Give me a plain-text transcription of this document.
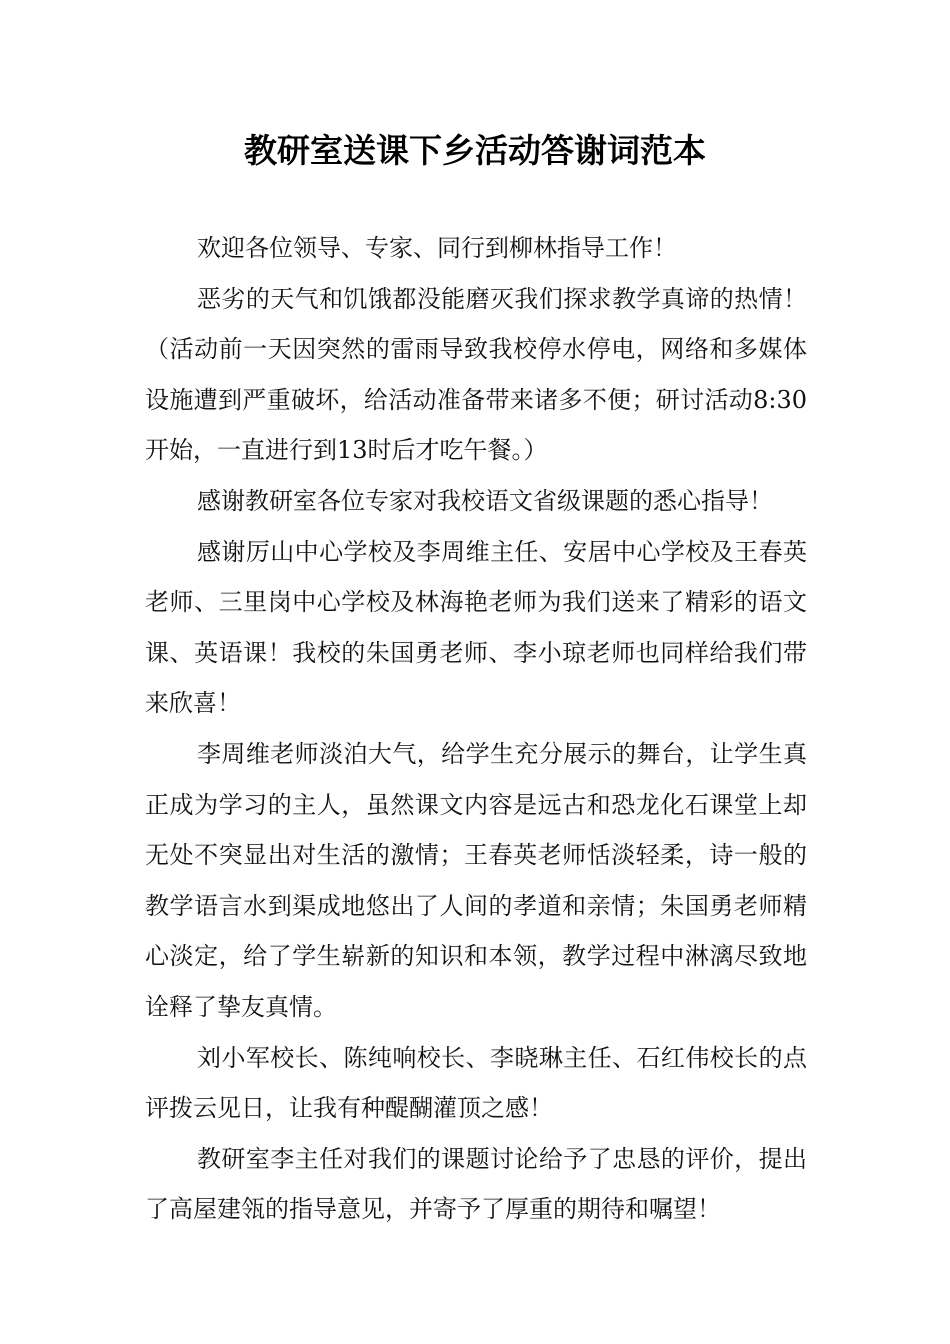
教研室送课下乡活动答谢词范本

欢迎各位领导、专家、同行到柳林指导工作！

恶劣的天气和饥饿都没能磨灭我们探求教学真谛的热情！（活动前一天因突然的雷雨导致我校停水停电，网络和多媒体设施遭到严重破坏，给活动准备带来诸多不便；研讨活动8:30开始，一直进行到13时后才吃午餐。）

感谢教研室各位专家对我校语文省级课题的悉心指导！

感谢厉山中心学校及李周维主任、安居中心学校及王春英老师、三里岗中心学校及林海艳老师为我们送来了精彩的语文课、英语课！我校的朱国勇老师、李小琼老师也同样给我们带来欣喜！

李周维老师淡泊大气，给学生充分展示的舞台，让学生真正成为学习的主人，虽然课文内容是远古和恐龙化石课堂上却无处不突显出对生活的激情；王春英老师恬淡轻柔，诗一般的教学语言水到渠成地悠出了人间的孝道和亲情；朱国勇老师精心淡定，给了学生崭新的知识和本领，教学过程中淋漓尽致地诠释了挚友真情。

刘小军校长、陈纯响校长、李晓琳主任、石红伟校长的点评拨云见日，让我有种醍醐灌顶之感！

教研室李主任对我们的课题讨论给予了忠恳的评价，提出了高屋建瓴的指导意见，并寄予了厚重的期待和嘱望！
